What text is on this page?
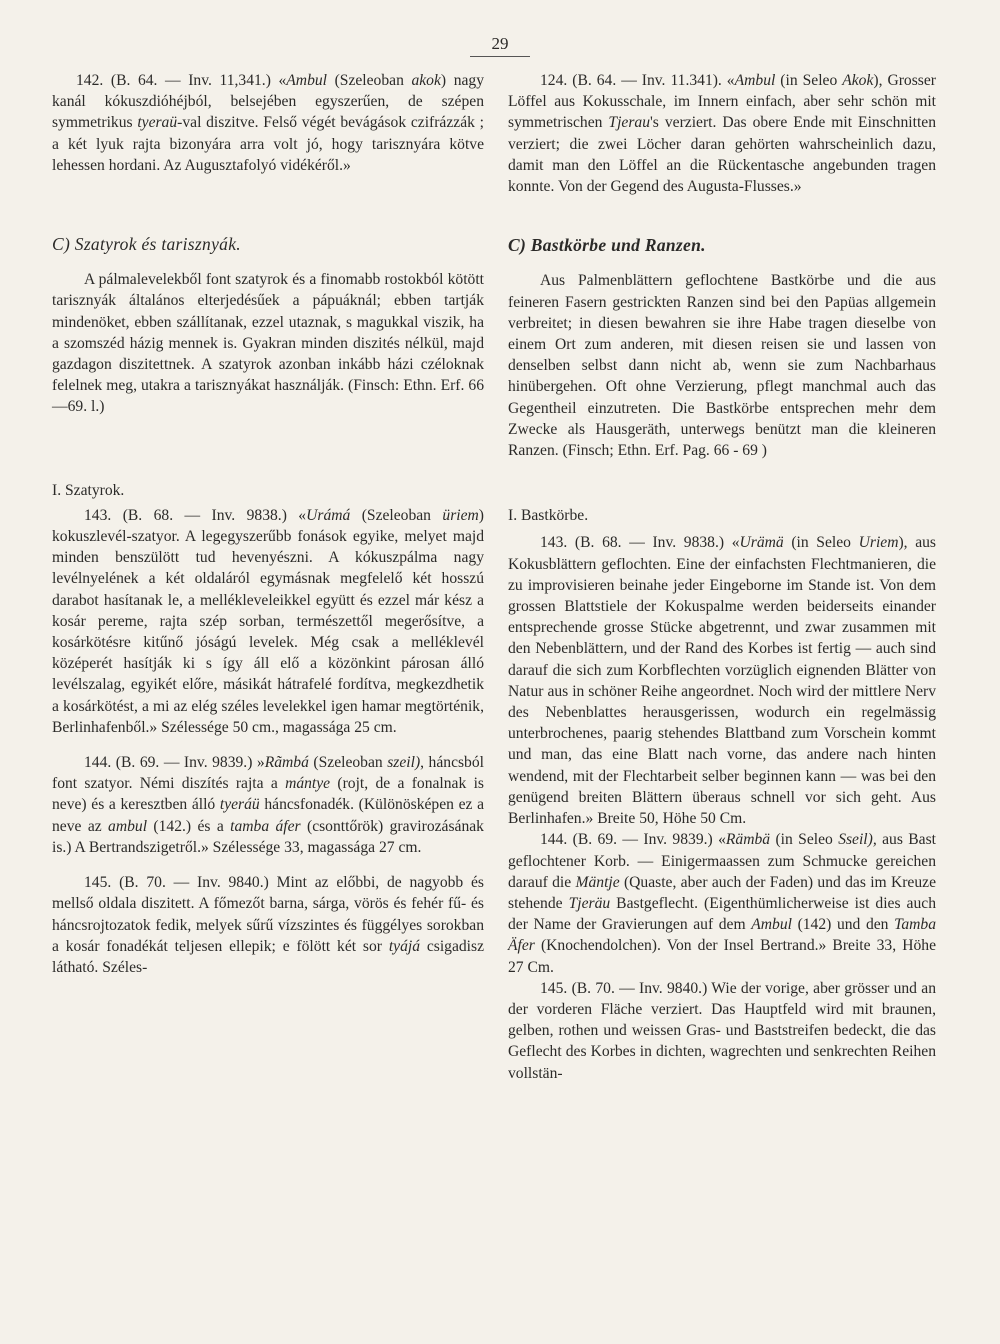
29

142. (B. 64. — Inv. 11,341.) «Ambul (Szeleoban akok) nagy kanál kókuszdióhéjból, belsejében egyszerűen, de szépen symmetrikus tyeraü-val diszitve. Felső végét bevágások czifrázzák ; a két lyuk rajta bizonyára arra volt jó, hogy tarisznyára kötve lehessen hordani. Az Augusztafolyó vidékéről.»

C) Szatyrok és tarisznyák.

A pálmalevelekből font szatyrok és a finomabb rostokból kötött tarisznyák általános elterjedésűek a pápuáknál; ebben tartják mindenöket, ebben szállítanak, ezzel utaznak, s magukkal viszik, ha a szomszéd házig mennek is. Gyakran minden diszités nélkül, majd gazdagon diszitettnek. A szatyrok azonban inkább házi czéloknak felelnek meg, utakra a tarisznyákat használják. (Finsch: Ethn. Erf. 66—69. l.)

I. Szatyrok.

143. (B. 68. — Inv. 9838.) «Urámá (Szeleoban üriem) kokuszlevél-szatyor. A legegyszerűbb fonások egyike, melyet majd minden benszülött tud hevenyészni. A kókuszpálma nagy levélnyelének a két oldaláról egymásnak megfelelő két hosszú darabot hasítanak le, a mellékleveleikkel együtt és ezzel már kész a kosár pereme, rajta szép sorban, természettől megerősítve, a kosárkötésre kitűnő jóságú levelek. Még csak a melléklevél középerét hasítják ki s így áll elő a közönkint párosan álló levélszalag, egyikét előre, másikát hátrafelé fordítva, megkezdhetik a kosárkötést, a mi az elég széles levelekkel igen hamar megtörténik, Berlinhafenből.» Szélessége 50 cm., magassága 25 cm.

144. (B. 69. — Inv. 9839.) »Rãmbá (Szeleoban szeil), háncsból font szatyor. Némi diszítés rajta a mántye (rojt, de a fonalnak is neve) és a keresztben álló tyeráü háncsfonadék. (Különösképen ez a neve az ambul (142.) és a tamba áfer (csonttőrök) gravirozásának is.) A Bertrandszigetről.» Szélessége 33, magassága 27 cm.

145. (B. 70. — Inv. 9840.) Mint az előbbi, de nagyobb és mellső oldala diszitett. A főmezőt barna, sárga, vörös és fehér fű- és háncsrojtozatok fedik, melyek sűrű vízszintes és függélyes sorokban a kosár fonadékát teljesen ellepik; e fölött két sor tyájá csigadisz látható. Széles-

124. (B. 64. — Inv. 11.341). «Ambul (in Seleo Akok), Grosser Löffel aus Kokusschale, im Innern einfach, aber sehr schön mit symmetrischen Tjerau's verziert. Das obere Ende mit Einschnitten verziert; die zwei Löcher daran gehörten wahrscheinlich dazu, damit man den Löffel an die Rückentasche angebunden tragen konnte. Von der Gegend des Augusta-Flusses.»

C) Bastkörbe und Ranzen.

Aus Palmenblättern geflochtene Bastkörbe und die aus feineren Fasern gestrickten Ranzen sind bei den Papüas allgemein verbreitet; in diesen bewahren sie ihre Habe tragen dieselbe von einem Ort zum anderen, mit diesen reisen sie und lassen von denselben selbst dann nicht ab, wenn sie zum Nachbarhaus hinübergehen. Oft ohne Verzierung, pflegt manchmal auch das Gegentheil einzutreten. Die Bastkörbe entsprechen mehr dem Zwecke als Hausgeräth, unterwegs benützt man die kleineren Ranzen. (Finsch; Ethn. Erf. Pag. 66 - 69 )

I. Bastkörbe.

143. (B. 68. — Inv. 9838.) «Urämä (in Seleo Uriem), aus Kokusblättern geflochten. Eine der einfachsten Flechtmanieren, die zu improvisieren beinahe jeder Eingeborne im Stande ist. Von dem grossen Blattstiele der Kokuspalme werden beiderseits einander entsprechende grosse Stücke abgetrennt, und zwar zusammen mit den Nebenblättern, und der Rand des Korbes ist fertig — auch sind darauf die sich zum Korbflechten vorzüglich eignenden Blätter von Natur aus in schöner Reihe angeordnet. Noch wird der mittlere Nerv des Nebenblattes herausgerissen, wodurch ein regelmässig unterbrochenes, paarig stehendes Blattband zum Vorschein kommt und man, das eine Blatt nach vorne, das andere nach hinten wendend, mit der Flechtarbeit selber beginnen kann — was bei den genügend breiten Blättern überaus schnell vor sich geht. Aus Berlinhafen.» Breite 50, Höhe 50 Cm.

144. (B. 69. — Inv. 9839.) «Rämbä (in Seleo Sseil), aus Bast geflochtener Korb. — Einigermaassen zum Schmucke gereichen darauf die Mäntje (Quaste, aber auch der Faden) und das im Kreuze stehende Tjeräu Bastgeflecht. (Eigenthümlicherweise ist dies auch der Name der Gravierungen auf dem Ambul (142) und den Tamba Äfer (Knochendolchen). Von der Insel Bertrand.» Breite 33, Höhe 27 Cm.

145. (B. 70. — Inv. 9840.) Wie der vorige, aber grösser und an der vorderen Fläche verziert. Das Hauptfeld wird mit braunen, gelben, rothen und weissen Gras- und Baststreifen bedeckt, die das Geflecht des Korbes in dichten, wagrechten und senkrechten Reihen vollstän-
